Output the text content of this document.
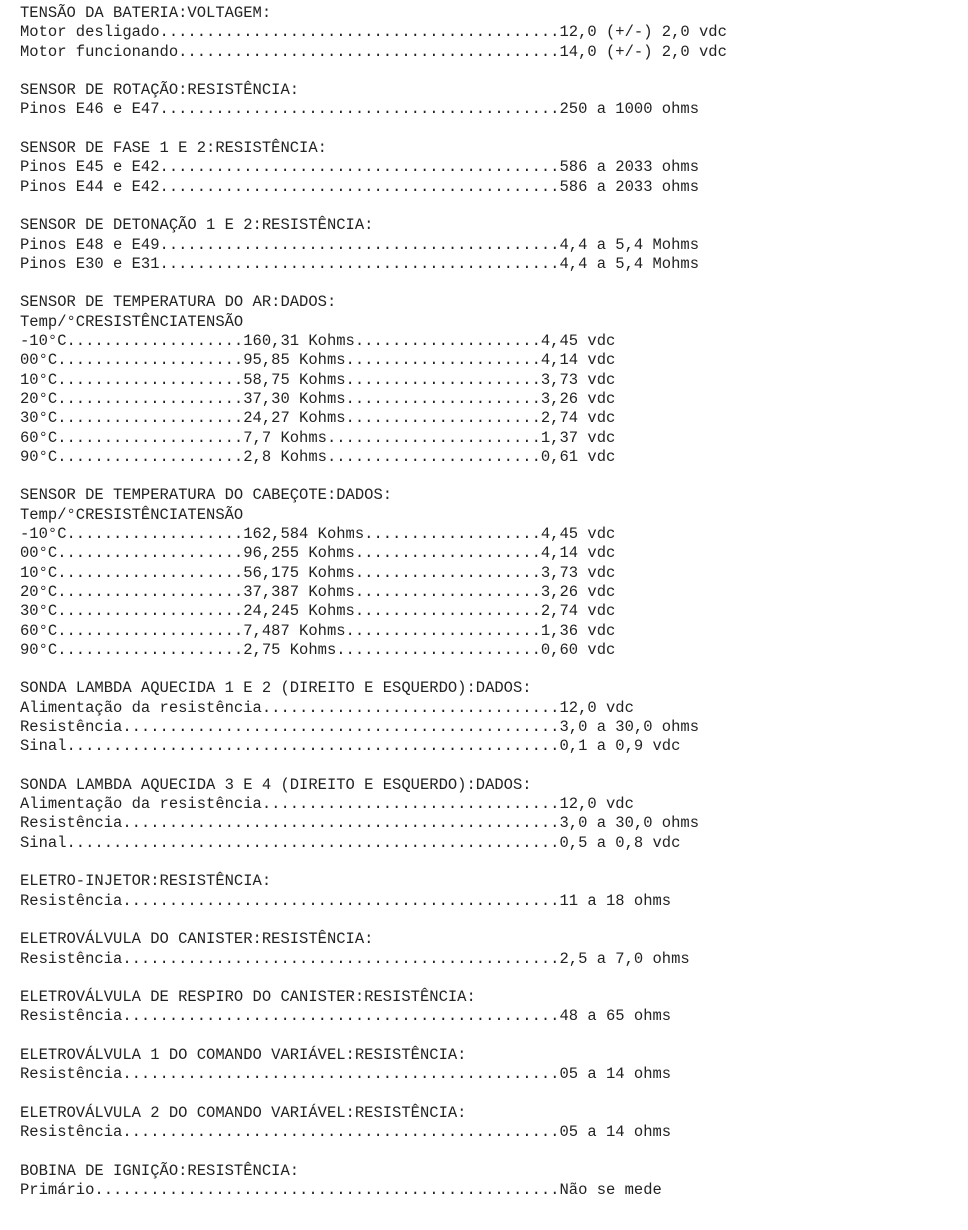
TENSÃO DA BATERIA:VOLTAGEM:
Motor desligado...........................................12,0 (+/-) 2,0 vdc
Motor funcionando.........................................14,0 (+/-) 2,0 vdc
SENSOR DE ROTAÇÃO:RESISTÊNCIA:
Pinos E46 e E47...........................................250 a 1000 ohms
SENSOR DE FASE 1 E 2:RESISTÊNCIA:
Pinos E45 e E42...........................................586 a 2033 ohms
Pinos E44 e E42...........................................586 a 2033 ohms
SENSOR DE DETONAÇÃO 1 E 2:RESISTÊNCIA:
Pinos E48 e E49...........................................4,4 a 5,4 Mohms
Pinos E30 e E31...........................................4,4 a 5,4 Mohms
SENSOR DE TEMPERATURA DO AR:DADOS:
Temp/°CRESISTÊNCIATENSÃO
-10°C...................160,31 Kohms....................4,45 vdc
00°C....................95,85 Kohms.....................4,14 vdc
10°C....................58,75 Kohms.....................3,73 vdc
20°C....................37,30 Kohms.....................3,26 vdc
30°C....................24,27 Kohms.....................2,74 vdc
60°C....................7,7 Kohms.......................1,37 vdc
90°C....................2,8 Kohms.......................0,61 vdc
SENSOR DE TEMPERATURA DO CABEÇOTE:DADOS:
Temp/°CRESISTÊNCIATENSÃO
-10°C...................162,584 Kohms...................4,45 vdc
00°C....................96,255 Kohms....................4,14 vdc
10°C....................56,175 Kohms....................3,73 vdc
20°C....................37,387 Kohms....................3,26 vdc
30°C....................24,245 Kohms....................2,74 vdc
60°C....................7,487 Kohms.....................1,36 vdc
90°C....................2,75 Kohms......................0,60 vdc
SONDA LAMBDA AQUECIDA 1 E 2 (DIREITO E ESQUERDO):DADOS:
Alimentação da resistência................................12,0 vdc
Resistência...............................................3,0 a 30,0 ohms
Sinal.....................................................0,1 a 0,9 vdc
SONDA LAMBDA AQUECIDA 3 E 4 (DIREITO E ESQUERDO):DADOS:
Alimentação da resistência................................12,0 vdc
Resistência...............................................3,0 a 30,0 ohms
Sinal.....................................................0,5 a 0,8 vdc
ELETRO-INJETOR:RESISTÊNCIA:
Resistência...............................................11 a 18 ohms
ELETROVÁLVULA DO CANISTER:RESISTÊNCIA:
Resistência...............................................2,5 a 7,0 ohms
ELETROVÁLVULA DE RESPIRO DO CANISTER:RESISTÊNCIA:
Resistência...............................................48 a 65 ohms
ELETROVÁLVULA 1 DO COMANDO VARIÁVEL:RESISTÊNCIA:
Resistência...............................................05 a 14 ohms
ELETROVÁLVULA 2 DO COMANDO VARIÁVEL:RESISTÊNCIA:
Resistência...............................................05 a 14 ohms
BOBINA DE IGNIÇÃO:RESISTÊNCIA:
Primário..................................................Não se mede
